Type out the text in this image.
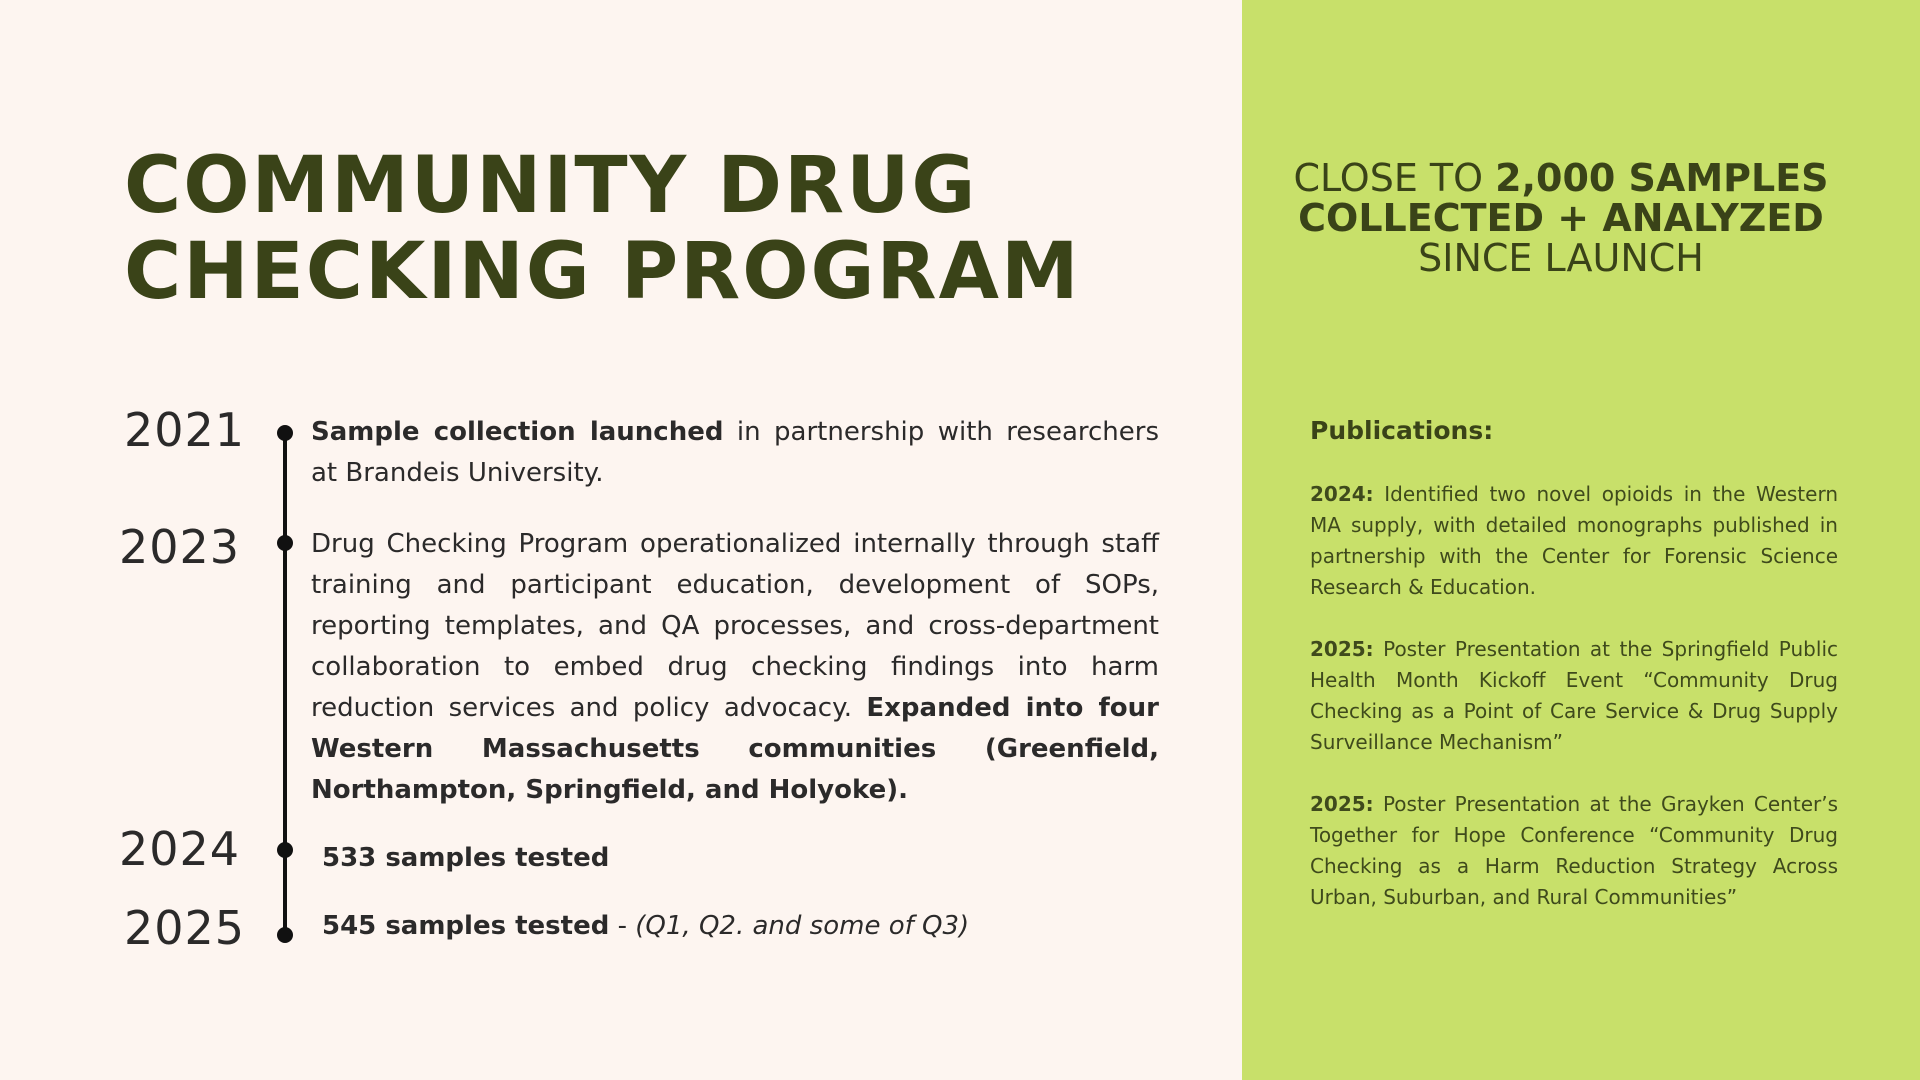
COMMUNITY DRUG
CHECKING PROGRAM
2021
2023
2024
2025
Sample collection launched in partnership with researchers at Brandeis University.
Drug Checking Program operationalized internally through staff training and participant education, development of SOPs, reporting templates, and QA processes, and cross-department collaboration to embed drug checking findings into harm reduction services and policy advocacy. Expanded into four Western Massachusetts communities (Greenfield, Northampton, Springfield, and Holyoke).
533 samples tested
545 samples tested - (Q1, Q2. and some of Q3)
CLOSE TO 2,000 SAMPLES COLLECTED + ANALYZED SINCE LAUNCH
Publications:
2024: Identified two novel opioids in the Western MA supply, with detailed monographs published in partnership with the Center for Forensic Science Research & Education.
2025: Poster Presentation at the Springfield Public Health Month Kickoff Event “Community Drug Checking as a Point of Care Service & Drug Supply Surveillance Mechanism”
2025: Poster Presentation at the Grayken Center’s Together for Hope Conference “Community Drug Checking as a Harm Reduction Strategy Across Urban, Suburban, and Rural Communities”
